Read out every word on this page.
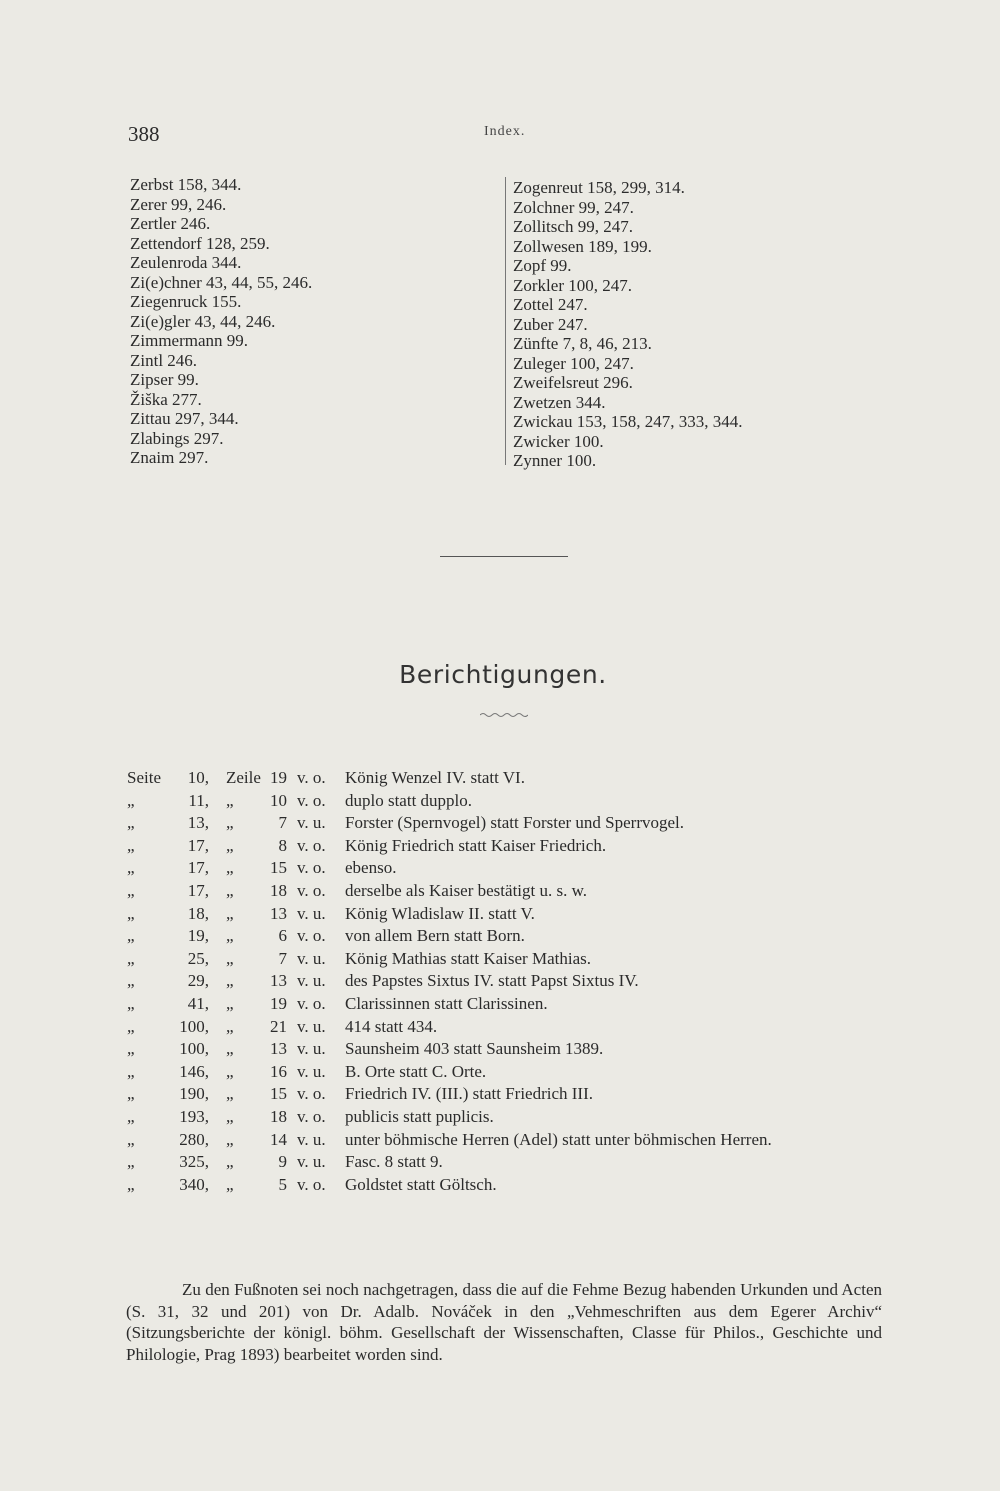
388	Index.
Zerbst 158, 344.
Zerer 99, 246.
Zertler 246.
Zettendorf 128, 259.
Zeulenroda 344.
Zi(e)chner 43, 44, 55, 246.
Ziegenruck 155.
Zi(e)gler 43, 44, 246.
Zimmermann 99.
Zintl 246.
Zipser 99.
Žiška 277.
Zittau 297, 344.
Zlabings 297.
Znaim 297.
Zogenreut 158, 299, 314.
Zolchner 99, 247.
Zollitsch 99, 247.
Zollwesen 189, 199.
Zopf 99.
Zorkler 100, 247.
Zottel 247.
Zuber 247.
Zünfte 7, 8, 46, 213.
Zuleger 100, 247.
Zweifelsreut 296.
Zwetzen 344.
Zwickau 153, 158, 247, 333, 344.
Zwicker 100.
Zynner 100.
Berichtigungen.
Seite	10, Zeile 19 v. o. König Wenzel IV. statt VI.
„	11, „	10 v. o. duplo statt dupplo.
„	13, „	7 v. u. Forster (Spernvogel) statt Forster und Sperrvogel.
„	17, „	8 v. o. König Friedrich statt Kaiser Friedrich.
„	17, „	15 v. o. ebenso.
„	17, „	18 v. o. derselbe als Kaiser bestätigt u. s. w.
„	18, „	13 v. u. König Wladislaw II. statt V.
„	19, „	6 v. o. von allem Bern statt Born.
„	25, „	7 v. u. König Mathias statt Kaiser Mathias.
„	29, „	13 v. u. des Papstes Sixtus IV. statt Papst Sixtus IV.
„	41, „	19 v. o. Clarissinnen statt Clarissinen.
„	100, „	21 v. u. 414 statt 434.
„	100, „	13 v. u. Saunsheim 403 statt Saunsheim 1389.
„	146, „	16 v. u. B. Orte statt C. Orte.
„	190, „	15 v. o. Friedrich IV. (III.) statt Friedrich III.
„	193, „	18 v. o. publicis statt puplicis.
„	280, „	14 v. u. unter böhmische Herren (Adel) statt unter böhmischen Herren.
„	325, „	9 v. u. Fasc. 8 statt 9.
„	340, „	5 v. o. Goldstet statt Göltsch.

Zu den Fußnoten sei noch nachgetragen, dass die auf die Fehme Bezug habenden Urkunden und Acten (S. 31, 32 und 201) von Dr. Adalb. Nováček in den „Vehmeschriften aus dem Egerer Archiv“ (Sitzungsberichte der königl. böhm. Gesellschaft der Wissenschaften, Classe für Philos., Geschichte und Philologie, Prag 1893) bearbeitet worden sind.
